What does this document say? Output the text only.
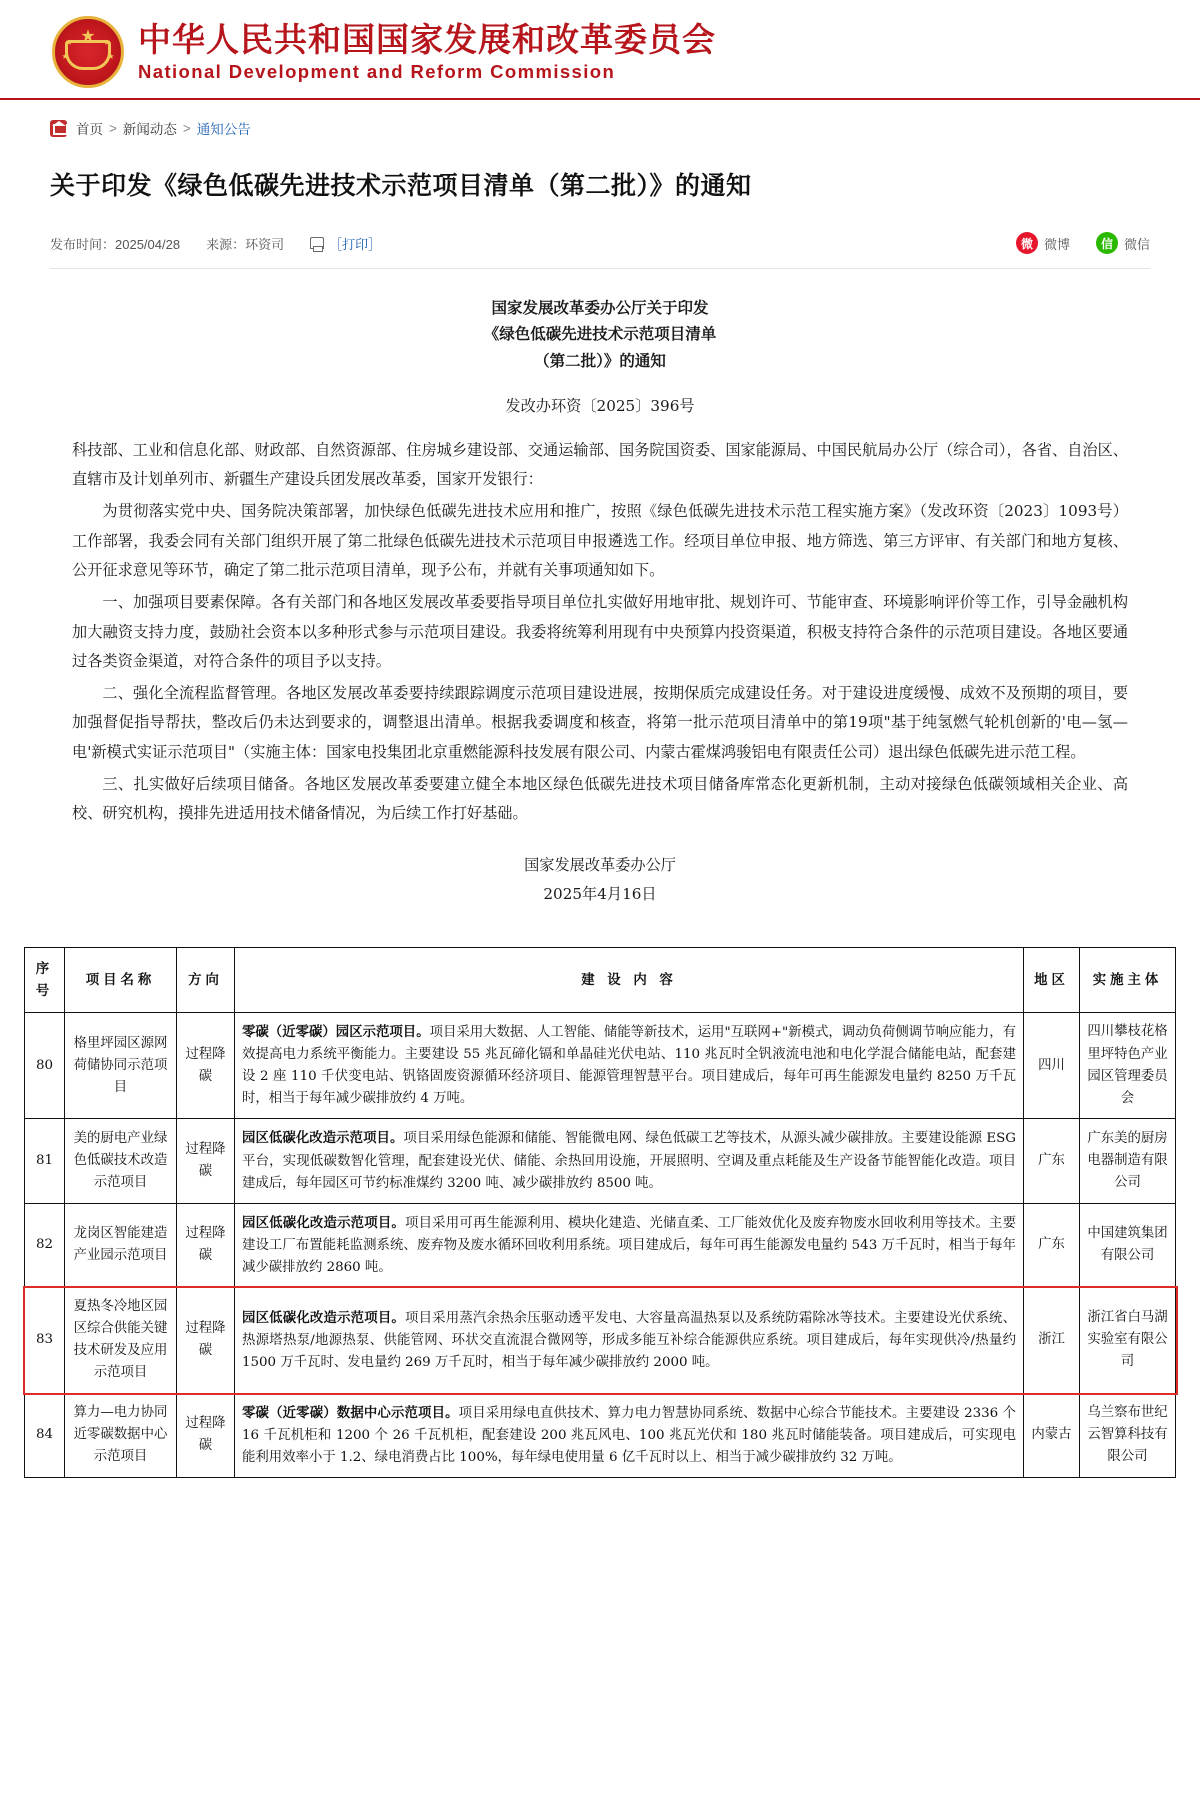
★
★
★
★
★ 中华人民共和国国家发展和改革委员会
National Development and Reform Commission
首页 > 新闻动态 > 通知公告
关于印发《绿色低碳先进技术示范项目清单（第二批）》的通知
发布时间：2025/04/28 来源：环资司	［打印］	微 微博	信 微信
国家发展改革委办公厅关于印发
《绿色低碳先进技术示范项目清单
（第二批）》的通知
发改办环资〔2025〕396号

科技部、工业和信息化部、财政部、自然资源部、住房城乡建设部、交通运输部、国务院国资委、国家能源局、中国民航局办公厅（综合司），各省、自治区、直辖市及计划单列市、新疆生产建设兵团发展改革委，国家开发银行：

为贯彻落实党中央、国务院决策部署，加快绿色低碳先进技术应用和推广，按照《绿色低碳先进技术示范工程实施方案》（发改环资〔2023〕1093号）工作部署，我委会同有关部门组织开展了第二批绿色低碳先进技术示范项目申报遴选工作。经项目单位申报、地方筛选、第三方评审、有关部门和地方复核、公开征求意见等环节，确定了第二批示范项目清单，现予公布，并就有关事项通知如下。

一、加强项目要素保障。各有关部门和各地区发展改革委要指导项目单位扎实做好用地审批、规划许可、节能审查、环境影响评价等工作，引导金融机构加大融资支持力度，鼓励社会资本以多种形式参与示范项目建设。我委将统筹利用现有中央预算内投资渠道，积极支持符合条件的示范项目建设。各地区要通过各类资金渠道，对符合条件的项目予以支持。

二、强化全流程监督管理。各地区发展改革委要持续跟踪调度示范项目建设进展，按期保质完成建设任务。对于建设进度缓慢、成效不及预期的项目，要加强督促指导帮扶，整改后仍未达到要求的，调整退出清单。根据我委调度和核查，将第一批示范项目清单中的第19项"基于纯氢燃气轮机创新的'电—氢—电'新模式实证示范项目"（实施主体：国家电投集团北京重燃能源科技发展有限公司、内蒙古霍煤鸿骏铝电有限责任公司）退出绿色低碳先进示范工程。

三、扎实做好后续项目储备。各地区发展改革委要建立健全本地区绿色低碳先进技术项目储备库常态化更新机制，主动对接绿色低碳领域相关企业、高校、研究机构，摸排先进适用技术储备情况，为后续工作打好基础。

国家发展改革委办公厅
2025年4月16日
序号	项目名称	方向	建 设 内 容	地区	实施主体
80	格里坪园区源网荷储协同示范项目	过程降碳	零碳（近零碳）园区示范项目。项目采用大数据、人工智能、储能等新技术，运用"互联网+"新模式，调动负荷侧调节响应能力，有效提高电力系统平衡能力。主要建设 55 兆瓦碲化镉和单晶硅光伏电站、110 兆瓦时全钒液流电池和电化学混合储能电站，配套建设 2 座 110 千伏变电站、钒铬固废资源循环经济项目、能源管理智慧平台。项目建成后，每年可再生能源发电量约 8250 万千瓦时，相当于每年减少碳排放约 4 万吨。	四川	四川攀枝花格里坪特色产业园区管理委员会
81	美的厨电产业绿色低碳技术改造示范项目	过程降碳	园区低碳化改造示范项目。项目采用绿色能源和储能、智能微电网、绿色低碳工艺等技术，从源头减少碳排放。主要建设能源 ESG 平台，实现低碳数智化管理，配套建设光伏、储能、余热回用设施，开展照明、空调及重点耗能及生产设备节能智能化改造。项目建成后，每年园区可节约标准煤约 3200 吨、减少碳排放约 8500 吨。	广东	广东美的厨房电器制造有限公司
82	龙岗区智能建造产业园示范项目	过程降碳	园区低碳化改造示范项目。项目采用可再生能源利用、模块化建造、光储直柔、工厂能效优化及废弃物废水回收利用等技术。主要建设工厂布置能耗监测系统、废弃物及废水循环回收利用系统。项目建成后，每年可再生能源发电量约 543 万千瓦时，相当于每年减少碳排放约 2860 吨。	广东	中国建筑集团有限公司
83	夏热冬冷地区园区综合供能关键技术研发及应用示范项目	过程降碳	园区低碳化改造示范项目。项目采用蒸汽余热余压驱动透平发电、大容量高温热泵以及系统防霜除冰等技术。主要建设光伏系统、热源塔热泵/地源热泵、供能管网、环状交直流混合微网等，形成多能互补综合能源供应系统。项目建成后，每年实现供冷/热量约 1500 万千瓦时、发电量约 269 万千瓦时，相当于每年减少碳排放约 2000 吨。	浙江	浙江省白马湖实验室有限公司
84	算力—电力协同近零碳数据中心示范项目	过程降碳	零碳（近零碳）数据中心示范项目。项目采用绿电直供技术、算力电力智慧协同系统、数据中心综合节能技术。主要建设 2336 个 16 千瓦机柜和 1200 个 26 千瓦机柜，配套建设 200 兆瓦风电、100 兆瓦光伏和 180 兆瓦时储能装备。项目建成后，可实现电能利用效率小于 1.2、绿电消费占比 100%，每年绿电使用量 6 亿千瓦时以上、相当于减少碳排放约 32 万吨。	内蒙古	乌兰察布世纪云智算科技有限公司
